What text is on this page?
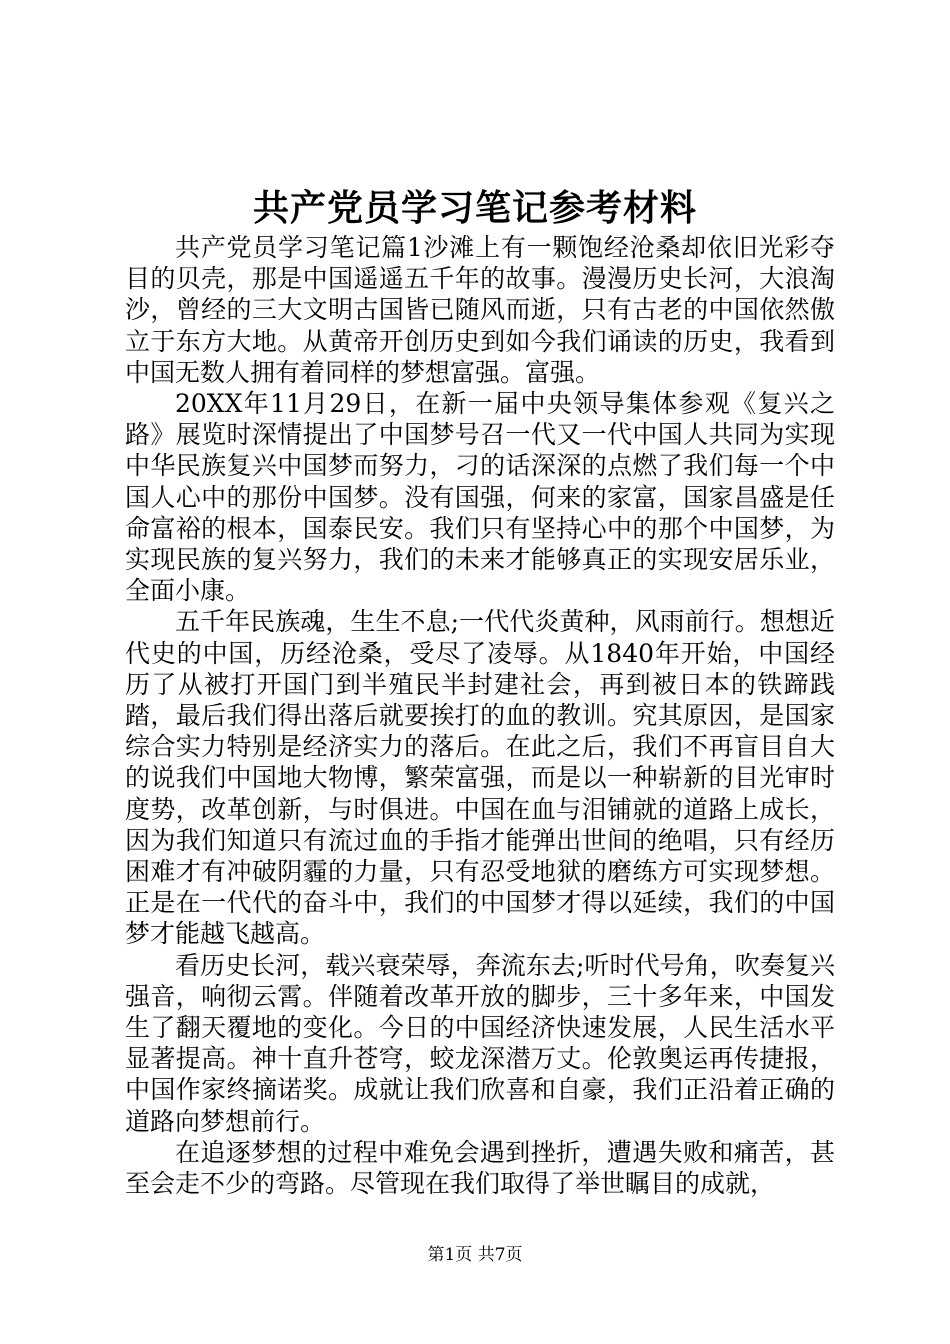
共产党员学习笔记参考材料

共产党员学习笔记篇1沙滩上有一颗饱经沧桑却依旧光彩夺目的贝壳，那是中国遥遥五千年的故事。漫漫历史长河，大浪淘沙，曾经的三大文明古国皆已随风而逝，只有古老的中国依然傲立于东方大地。从黄帝开创历史到如今我们诵读的历史，我看到中国无数人拥有着同样的梦想富强。富强。

20XX年11月29日，在新一届中央领导集体参观《复兴之路》展览时深情提出了中国梦号召一代又一代中国人共同为实现中华民族复兴中国梦而努力，刁的话深深的点燃了我们每一个中国人心中的那份中国梦。没有国强，何来的家富，国家昌盛是任命富裕的根本，国泰民安。我们只有坚持心中的那个中国梦，为实现民族的复兴努力，我们的未来才能够真正的实现安居乐业，全面小康。

五千年民族魂，生生不息;一代代炎黄种，风雨前行。想想近代史的中国，历经沧桑，受尽了凌辱。从1840年开始，中国经历了从被打开国门到半殖民半封建社会，再到被日本的铁蹄践踏，最后我们得出落后就要挨打的血的教训。究其原因，是国家综合实力特别是经济实力的落后。在此之后，我们不再盲目自大的说我们中国地大物博，繁荣富强，而是以一种崭新的目光审时度势，改革创新，与时俱进。中国在血与泪铺就的道路上成长，因为我们知道只有流过血的手指才能弹出世间的绝唱，只有经历困难才有冲破阴霾的力量，只有忍受地狱的磨练方可实现梦想。正是在一代代的奋斗中，我们的中国梦才得以延续，我们的中国梦才能越飞越高。

看历史长河，载兴衰荣辱，奔流东去;听时代号角，吹奏复兴强音，响彻云霄。伴随着改革开放的脚步，三十多年来，中国发生了翻天覆地的变化。今日的中国经济快速发展，人民生活水平显著提高。神十直升苍穹，蛟龙深潜万丈。伦敦奥运再传捷报，中国作家终摘诺奖。成就让我们欣喜和自豪，我们正沿着正确的道路向梦想前行。

在追逐梦想的过程中难免会遇到挫折，遭遇失败和痛苦，甚至会走不少的弯路。尽管现在我们取得了举世瞩目的成就，

第1页 共7页
